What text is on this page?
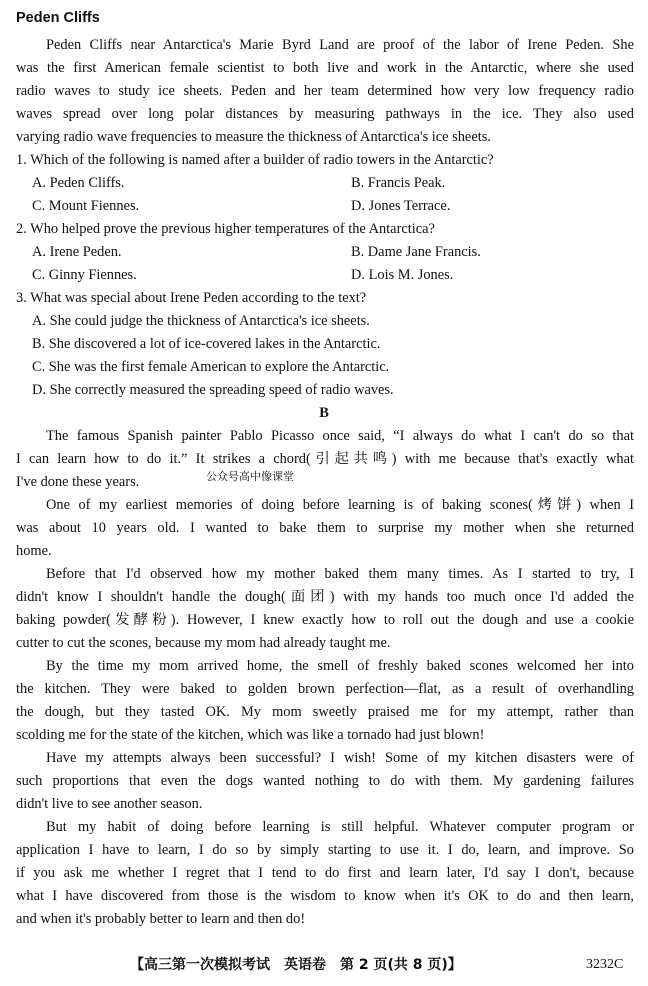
Peden Cliffs
Peden Cliffs near Antarctica's Marie Byrd Land are proof of the labor of Irene Peden. She
was the first American female scientist to both live and work in the Antarctic, where she used
radio waves to study ice sheets. Peden and her team determined how very low frequency radio
waves spread over long polar distances by measuring pathways in the ice. They also used
varying radio wave frequencies to measure the thickness of Antarctica's ice sheets.
1. Which of the following is named after a builder of radio towers in the Antarctic?
A. Peden Cliffs.	B. Francis Peak.
C. Mount Fiennes.	D. Jones Terrace.
2. Who helped prove the previous higher temperatures of the Antarctica?
A. Irene Peden.	B. Dame Jane Francis.
C. Ginny Fiennes.	D. Lois M. Jones.
3. What was special about Irene Peden according to the text?
A. She could judge the thickness of Antarctica's ice sheets.
B. She discovered a lot of ice-covered lakes in the Antarctic.
C. She was the first female American to explore the Antarctic.
D. She correctly measured the spreading speed of radio waves.
B
The famous Spanish painter Pablo Picasso once said, “I always do what I can't do so that
I can learn how to do it.” It strikes a chord(引起共鸣) with me because that's exactly what
I've done these years.	公众号高中像课堂
One of my earliest memories of doing before learning is of baking scones(烤饼) when I
was about 10 years old. I wanted to bake them to surprise my mother when she returned
home.
Before that I'd observed how my mother baked them many times. As I started to try, I
didn't know I shouldn't handle the dough(面团) with my hands too much once I'd added the
baking powder(发酵粉). However, I knew exactly how to roll out the dough and use a cookie
cutter to cut the scones, because my mom had already taught me.
By the time my mom arrived home, the smell of freshly baked scones welcomed her into
the kitchen. They were baked to golden brown perfection—flat, as a result of overhandling
the dough, but they tasted OK. My mom sweetly praised me for my attempt, rather than
scolding me for the state of the kitchen, which was like a tornado had just blown!
Have my attempts always been successful? I wish! Some of my kitchen disasters were of
such proportions that even the dogs wanted nothing to do with them. My gardening failures
didn't live to see another season.
But my habit of doing before learning is still helpful. Whatever computer program or
application I have to learn, I do so by simply starting to use it. I do, learn, and improve. So
if you ask me whether I regret that I tend to do first and learn later, I'd say I don't, because
what I have discovered from those is the wisdom to know when it's OK to do and then learn,
and when it's probably better to learn and then do!
【高三第一次模拟考试　英语卷　第 2 页(共 8 页)】	3232C
